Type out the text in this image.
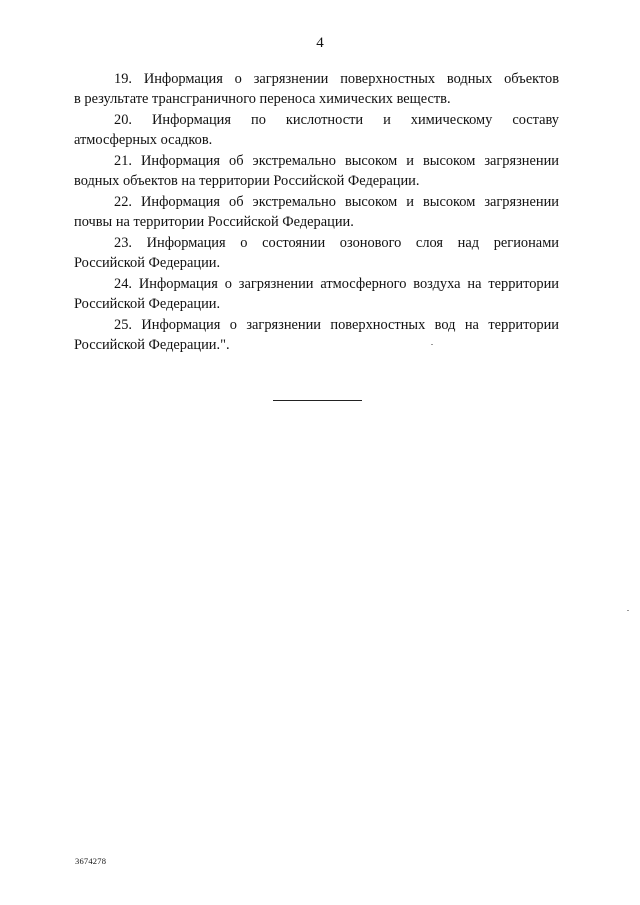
4

19. Информация о загрязнении поверхностных водных объектов
в результате трансграничного переноса химических веществ.

20. Информация по кислотности и химическому составу
атмосферных осадков.

21. Информация об экстремально высоком и высоком загрязнении
водных объектов на территории Российской Федерации.

22. Информация об экстремально высоком и высоком загрязнении
почвы на территории Российской Федерации.

23. Информация о состоянии озонового слоя над регионами
Российской Федерации.

24. Информация о загрязнении атмосферного воздуха на территории
Российской Федерации.

25. Информация о загрязнении поверхностных вод на территории
Российской Федерации.".

3674278
